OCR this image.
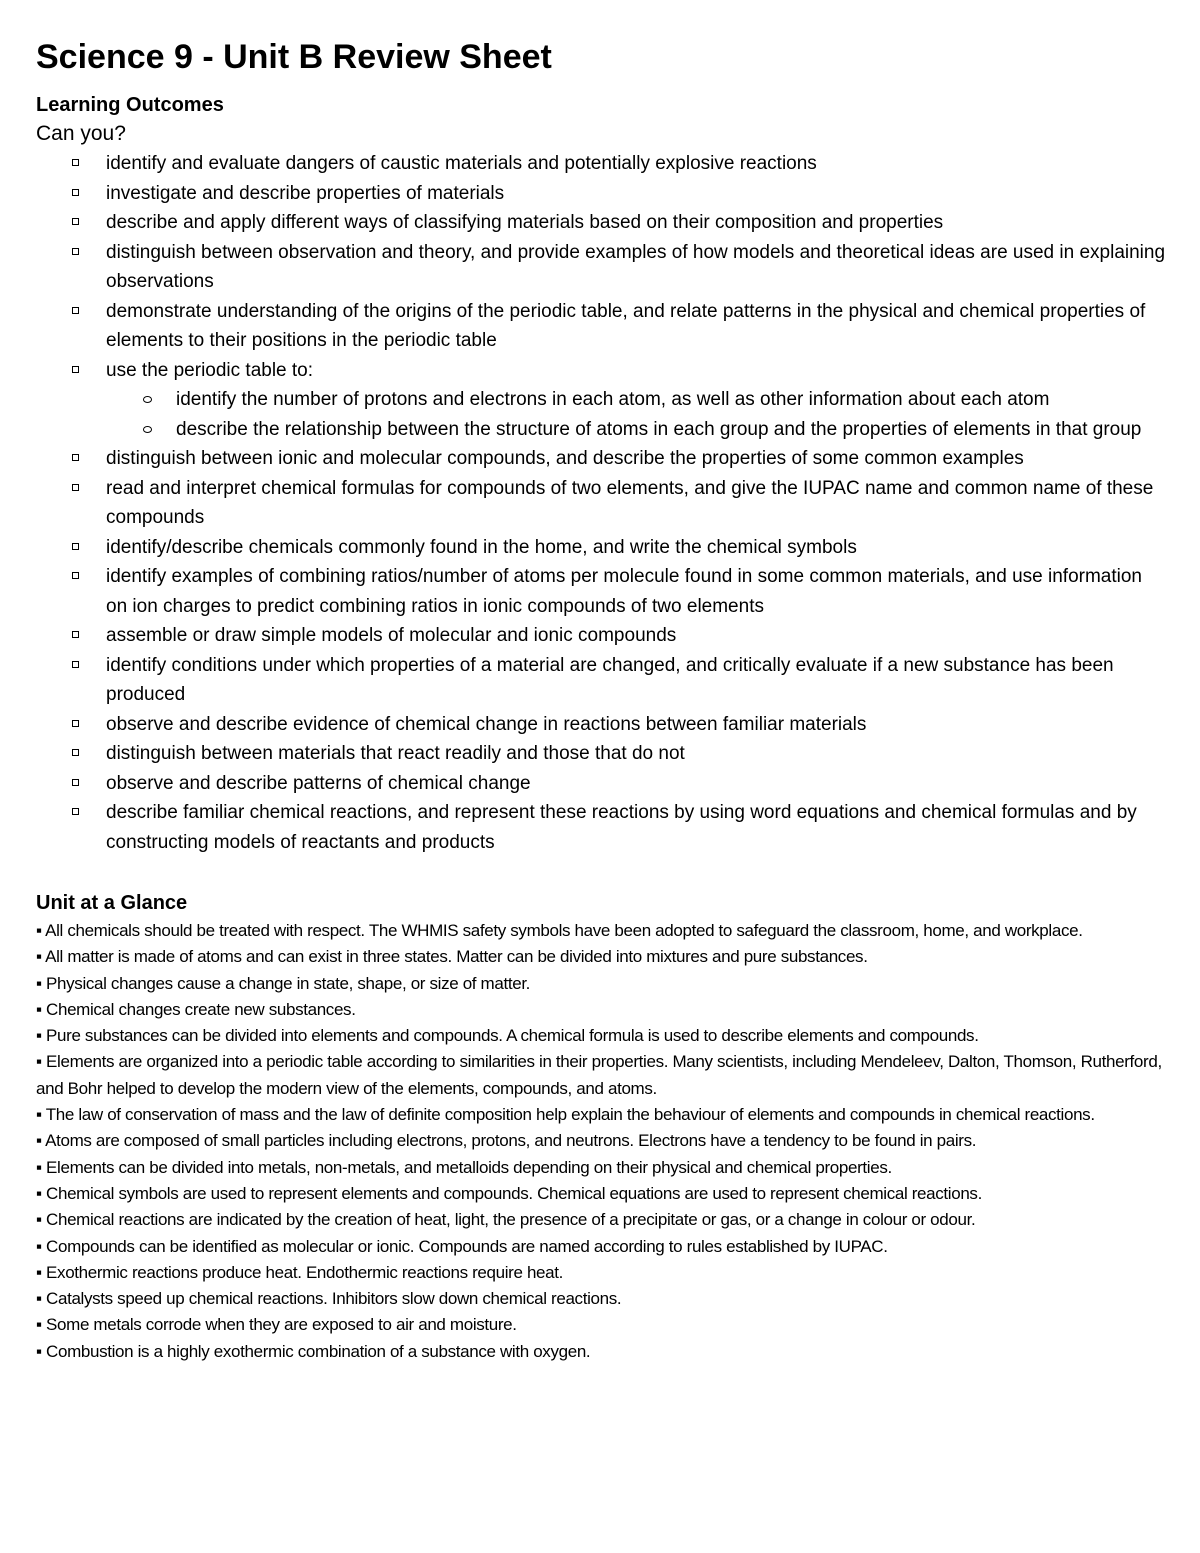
Science 9 - Unit B Review Sheet
Learning Outcomes
Can you?
identify and evaluate dangers of caustic materials and potentially explosive reactions
investigate and describe properties of materials
describe and apply different ways of classifying materials based on their composition and properties
distinguish between observation and theory, and provide examples of how models and theoretical ideas are used in explaining observations
demonstrate understanding of the origins of the periodic table, and relate patterns in the physical and chemical properties of elements to their positions in the periodic table
use the periodic table to:
identify the number of protons and electrons in each atom, as well as other information about each atom
describe the relationship between the structure of atoms in each group and the properties of elements in that group
distinguish between ionic and molecular compounds, and describe the properties of some common examples
read and interpret chemical formulas for compounds of two elements, and give the IUPAC name and common name of these compounds
identify/describe chemicals commonly found in the home, and write the chemical symbols
identify examples of combining ratios/number of atoms per molecule found in some common materials, and use information on ion charges to predict combining ratios in ionic compounds of two elements
assemble or draw simple models of molecular and ionic compounds
identify conditions under which properties of a material are changed, and critically evaluate if a new substance has been produced
observe and describe evidence of chemical change in reactions between familiar materials
distinguish between materials that react readily and those that do not
observe and describe patterns of chemical change
describe familiar chemical reactions, and represent these reactions by using word equations and chemical formulas and by constructing models of reactants and products
Unit at a Glance

▪ All chemicals should be treated with respect. The WHMIS safety symbols have been adopted to safeguard the classroom, home, and workplace.

▪ All matter is made of atoms and can exist in three states. Matter can be divided into mixtures and pure substances.

▪ Physical changes cause a change in state, shape, or size of matter.

▪ Chemical changes create new substances.

▪ Pure substances can be divided into elements and compounds. A chemical formula is used to describe elements and compounds.

▪ Elements are organized into a periodic table according to similarities in their properties. Many scientists, including Mendeleev, Dalton, Thomson, Rutherford, and Bohr helped to develop the modern view of the elements, compounds, and atoms.

▪ The law of conservation of mass and the law of definite composition help explain the behaviour of elements and compounds in chemical reactions.

▪ Atoms are composed of small particles including electrons, protons, and neutrons. Electrons have a tendency to be found in pairs.

▪ Elements can be divided into metals, non-metals, and metalloids depending on their physical and chemical properties.

▪ Chemical symbols are used to represent elements and compounds. Chemical equations are used to represent chemical reactions.

▪ Chemical reactions are indicated by the creation of heat, light, the presence of a precipitate or gas, or a change in colour or odour.

▪ Compounds can be identified as molecular or ionic. Compounds are named according to rules established by IUPAC.

▪ Exothermic reactions produce heat. Endothermic reactions require heat.

▪ Catalysts speed up chemical reactions. Inhibitors slow down chemical reactions.

▪ Some metals corrode when they are exposed to air and moisture.

▪ Combustion is a highly exothermic combination of a substance with oxygen.
